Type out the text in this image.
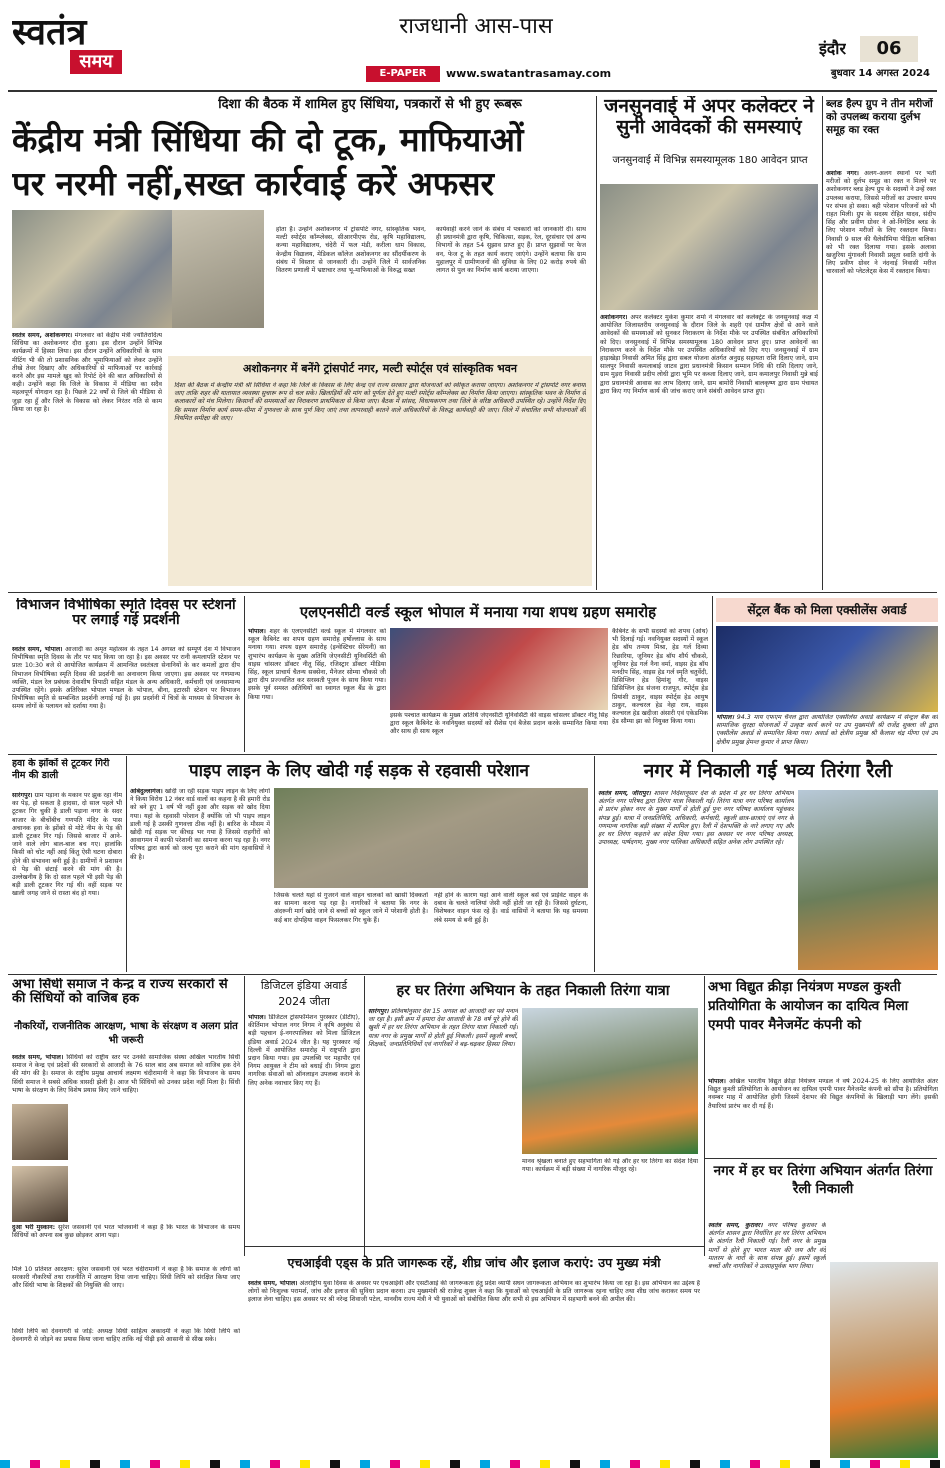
स्वतंत्र
समय
राजधानी आस-पास
E-PAPER	www.swatantrasamay.com
इंदौर	06
बुधवार 14 अगस्त 2024
दिशा की बैठक में शामिल हुए सिंधिया, पत्रकारों से भी हुए रूबरू
केंद्रीय मंत्री सिंधिया की दो टूक, माफियाओं
पर नरमी नहीं,सख्त कार्रवाई करें अफसर
स्वतंत्र समय, अशोकनगर। मंगलवार को केंद्रीय मंत्री ज्योतिरादित्य सिंधिया का अशोकनगर दौरा हुआ। इस दौरान उन्होंने विभिन्न कार्यक्रमों में हिस्सा लिया। इस दौरान उन्होंने अधिकारियों के साथ मीटिंग भी की तो प्रशासनिक और भूमाफियाओं को लेकर उन्होंने तीखे तेवर दिखाए और अधिकारियों से माफियाओं पर कार्रवाई करने और इस मामले खुद को रिपोर्ट देने की बात अधिकारियों से कही। उन्होंने कहा कि जिले के विकास में मीडिया का सदैव महत्वपूर्ण योगदान रहा है। पिछले 22 वर्षों से जिले की मीडिया से जुड़ा रहा हूँ और जिले के विकास को लेकर निरंतर गति से काम किया जा रहा है।
होता है। उन्होंने अशोकनगर में ट्रांसपोर्ट नगर, सांस्कृतिक भवन, मल्टी स्पोर्ट्स कॉम्प्लेक्स, सीआरपीएफ रोड, कृषि महाविद्यालय, कन्या महाविद्यालय, चंदेरी में फल मंडी, करीला धाम विकास, केन्द्रीय विद्यालय, मेडिकल कॉलेज अशोकनगर का सौंदर्यीकरण के संबंध में विस्तार से जानकारी दी। उन्होंने जिले में सार्वजनिक वितरण प्रणाली में भ्रष्टाचार तथा भू-माफियाओं के विरुद्ध सख्त
कार्यवाही करने जाने के संबंध में पत्रकारों को जानकारी दी। साथ ही प्रधानमंत्री द्वारा कृषि, चिकित्सा, सड़क, रेल, दूरसंचार एवं अन्य विभागों के तहत 54 सुझाव प्राप्त हुए हैं। प्राप्त सुझावों पर फेज वन, फेज टू के तहत कार्य कराए जाएंगे। उन्होंने बताया कि ग्राम मुहालपुर में ग्रामीणजनों की सुविधा के लिए 02 करोड़ रुपये की लागत से पुल का निर्माण कार्य कराया जाएगा।
अशोकनगर में बनेंगे ट्रांसपोर्ट नगर, मल्टी स्पोर्ट्स एवं सांस्कृतिक भवन
दिशा की बैठक में केन्द्रीय मंत्री श्री सिंधिया ने कहा कि जिले के विकास के लिए केन्द्र एवं राज्य सरकार द्वारा योजनाओं को स्वीकृत कराया जाएगा। अशोकनगर में ट्रांसपोर्ट नगर बनाया जाए ताकि शहर की यातायात व्यवस्था सुचारू रूप से चल सके। खिलाड़ियों की मांग को पूर्णता देते हुए मल्टी स्पोर्ट्स कॉम्प्लेक्स का निर्माण किया जाएगा। सांस्कृतिक भवन के निर्माण से कलाकारों को मंच मिलेगा। किसानों की समस्याओं का निराकरण प्राथमिकता से किया जाए। बैठक में सांसद, विधायकगण तथा जिले के वरिष्ठ अधिकारी उपस्थित रहे। उन्होंने निर्देश दिए कि समस्त निर्माण कार्य समय-सीमा में गुणवत्ता के साथ पूर्ण किए जाएं तथा लापरवाही बरतने वाले अधिकारियों के विरुद्ध कार्यवाही की जाए। जिले में संचालित सभी योजनाओं की नियमित समीक्षा की जाए।
जनसुनवाई में अपर कलेक्टर ने सुनी आवेदकों की समस्याएं
जनसुनवाई में विभिन्न समस्यामूलक 180 आवेदन प्राप्त
अशोकनगर। अपर कलेक्टर मुकेश कुमार शर्मा ने मंगलवार को कलेक्ट्रेट के जनसुनवाई कक्ष में आयोजित जिलास्तरीय जनसुनवाई के दौरान जिले के शहरी एवं ग्रामीण क्षेत्रों से आने वाले आवेदकों की समस्याओं को सुनकर निराकरण के निर्देश मौके पर उपस्थित संबंधित अधिकारियों को दिए। जनसुनवाई में विभिन्न समस्यामूलक 180 आवेदन प्राप्त हुए। प्राप्त आवेदनों का निराकरण करने के निर्देश मौके पर उपस्थित अधिकारियों को दिए गए। जनसुनवाई में ग्राम हाड़ाखेड़ा निवासी अमित सिंह द्वारा सबल योजना अंतर्गत अनुग्रह सहायता राशि दिलाए जाने, ग्राम सालपुर निवासी कमलाबाई जाटव द्वारा प्रधानमंत्री किसान सम्मान निधि की राशि दिलाए जाने, ग्राम मुड़रा निवासी प्रदीप लोधी द्वारा भूमि पर कब्जा दिलाए जाने, ग्राम कमालपुर निवासी मुन्ने बाई द्वारा प्रधानमंत्री आवास का लाभ दिलाए जाने, ग्राम बामोरी निवासी बालकृष्ण द्वारा ग्राम पंचायत द्वारा किए गए निर्माण कार्य की जांच कराए जाने संबंधी आवेदन प्राप्त हुए।
ब्लड हैल्प ग्रुप ने तीन मरीजों को उपलब्ध कराया दुर्लभ समूह का रक्त
अशोक नगर। अलग-अलग स्थानों पर भर्ती मरीजों को दुर्लभ समूह का रक्त न मिलने पर अशोकनगर ब्लड हेल्प ग्रुप के सदस्यों ने उन्हें रक्त उपलब्ध कराया, जिससे मरीजों का उपचार समय पर संभव हो सका। बही परेशान परिजनों को भी राहत मिली। ग्रुप के सदस्य रोहित यादव, संदीप सिंह और प्रवीण ग्रोवर ने ओ-निगेटिव ब्लड के लिए परेशान मरीजों के लिए रक्तदान किया। निवासी 9 साल की थैलेसीमिया पीड़िता बालिका को भी रक्त दिलाया गया। इसके अलावा खजुरिया मुंगावली निवासी प्रसूता स्वाति दांगी के लिए प्रवीण ग्रोवर ने नंदनाई निवासी मरीज चारवालों को प्लेटलेट्स केस में रक्तदान किया।
विभाजन विभीषिका स्मृति दिवस पर स्टेशनों पर लगाई गई प्रदर्शनी
स्वतंत्र समय, भोपाल। आजादी का अमृत महोत्सव के तहत 14 अगस्त को सम्पूर्ण देश में विभाजन विभीषिका स्मृति दिवस के तौर पर याद किया जा रहा है। इस अवसर पर रानी कमलापति स्टेशन पर प्रातः 10:30 बजे से आयोजित कार्यक्रम में आमन्त्रित स्वतंत्रता सेनानियों के कर कमलों द्वारा दीप विभाजन विभीषिका स्मृति दिवस की प्रदर्शनी का अनावरण किया जाएगा। इस अवसर पर गणमान्य व्यक्ति, मंडल रेल प्रबंधक देवाशीष त्रिपाठी सहित मंडल के अन्य अधिकारी, कर्मचारी एवं जनसामान्य उपस्थित रहेंगे। इसके अतिरिक्त भोपाल मण्डल के भोपाल, बीना, इटारसी स्टेशन पर विभाजन विभीषिका स्मृति से सम्बन्धित प्रदर्शनी लगाई गई है। इस प्रदर्शनी में चित्रों के माध्यम से विभाजन के समय लोगों के पलायन को दर्शाया गया है।
एलएनसीटी वर्ल्ड स्कूल भोपाल में मनाया गया शपथ ग्रहण समारोह
भोपाल। शहर के एलएनसीटी वर्ल्ड स्कूल में मंगलवार को स्कूल कैबिनेट का शपथ ग्रहण समारोह हर्षोल्लास के साथ मनाया गया। शपथ ग्रहण समारोह (इन्वेस्टिचर सेरेमनी) का शुभारंभ कार्यक्रम के मुख्य अतिथि जेएनसीटी यूनिवर्सिटी की वाइस चांसलर डॉक्टर नीतू सिंह, रजिस्ट्रार डॉक्टर मीडिया सिंह, स्कूल प्राचार्य चैतन्य सक्सेना, मैनेजर सोम्या चौकसे जी द्वारा दीप प्रज्ज्वलित कर सरस्वती पूजन के साथ किया गया। इसके पूर्व समस्त अतिथियों का स्वागत स्कूल बैंड के द्वारा किया गया।
इसके पश्चात कार्यक्रम के मुख्य अतिथि जेएनसीटी यूनिवर्सिटी की वाइस चांसलर डॉक्टर नीतू सिंह द्वारा स्कूल कैबिनेट के नवनियुक्त सदस्यों को सैशेस एवं बैजेस प्रदान करके सम्मानित किया गया और साथ ही साथ स्कूल
कैबिनेट के सभी सदस्यों को शपथ (ओथ) भी दिलाई गई। नवनियुक्त सदस्यों में स्कूल हेड बॉय तन्मय मिश्रा, हेड गर्ल दिव्या रिछारिया, जूनियर हेड बॉय शौर्य चौकसे, जूनियर हेड गर्ल नैना वर्मा, वाइस हेड बॉय मनदीप सिंह, वाइस हेड गर्ल स्मृति चतुर्वेदी, डिसिप्लिन हेड हिमांशु गौर, वाइस डिसिप्लिन हेड संजना राजपूत, स्पोर्ट्स हेड प्रियांशी ठाकुर, वाइस स्पोर्ट्स हेड आयुष ठाकुर, कल्चरल हेड नेहा राय, वाइस कल्चरल हेड खदीजा अंसारी एवं एकेडमिक हेड सौम्या झा को नियुक्त किया गया।
सेंट्रल बैंक को मिला एक्सीलेंस अवार्ड
भोपाल। 94.3 माय एफएम चैनल द्वारा आयोजित एक्सीलेंस अवार्ड कार्यक्रम में सेन्ट्रल बैंक को सामाजिक सुरक्षा योजनाओं में उत्कृष्ट कार्य करने पर उप मुख्यमंत्री श्री राजेंद्र शुक्ला जी द्वारा एक्सीलेंस अवार्ड से सम्मानित किया गया। अवार्ड को क्षेत्रीय प्रमुख श्री कैलाश चंद्र मीणा एवं उप क्षेत्रीय प्रमुख हेमन्त कुमार ने प्राप्त किया।
हवा के झोंकों से टूटकर गिरी नीम की डाली
सारंगपुर। ग्राम पड़ाना के मकान पर झुक रहा नीम का पेड़, हो सकता है हादसा, दो साल पहले भी टूटकर गिर चुकी है डाली पड़ाना नगर के सदर बाजार के बीचोंबीच गणपति मंदिर के पास अचानक हवा के झोंको से मोटे नीम के पेड़ की डाली टूटकर गिर गई। जिससे बाजार में आने-जाने वाले लोग बाल-बाल बच गए। हालांकि किसी को चोट नहीं आई किंतु ऐसी घटना दोबारा होने की संभावना बनी हुई है। ग्रामीणों ने प्रशासन से पेड़ की छंटाई करने की मांग की है। उल्लेखनीय है कि दो साल पहले भी इसी पेड़ की बड़ी डाली टूटकर गिर गई थी। वहीं सड़क पर खाली जगह जाने से रास्ता बंद हो गया।
पाइप लाइन के लिए खोदी गई सड़क से रहवासी परेशान
ओबेदुल्लागंज। खोदी जा रही सड़क पाइप लाइन के लिए लोगों ने किया विरोध 12 नंबर वार्ड वालों का कहना है की हमारी रोड को बने हुए 1 वर्ष भी नहीं हुआ और सड़क को खोद दिया गया। यहां के रहवासी परेशान हैं क्योंकि जो भी पाइप लाइन डाली गई है उसकी गुणवत्ता ठीक नहीं है। बारिश के मौसम में खोदी गई सड़क पर कीचड़ भर गया है जिससे राहगीरों को आवागमन में काफी परेशानी का सामना करना पड़ रहा है। नगर परिषद द्वारा कार्य को जल्द पूरा कराने की मांग रहवासियों ने की है।
जिसके चलते यहां से गुजरने वाले वाहन चालकों को खासी दिक्कतों का सामना करना पड़ रहा है। नागरिकों ने बताया कि नगर के अंदरूनी मार्ग खोदे जाने से बच्चों को स्कूल जाने में परेशानी होती है। कई बार दोपहिया वाहन फिसलकर गिर चुके हैं।
नहीं होने के कारण यहां आने वाली स्कूल बसें एवं प्राईवेट वाहन के दबाव के चलते नालियां जेसी नहीं होती जा रही है। जिससे दुर्घटना, विशेषकर वाहन फंस रहे हैं। वार्ड वासियों ने बताया कि यह समस्या लंबे समय से बनी हुई है।
नगर में निकाली गई भव्य तिरंगा रैली
स्वतंत्र समय, जीरापुर। शासन निर्देशानुसार देश के प्रदेश में हर घर तिरंगा अभियान अंतर्गत नगर परिषद द्वारा तिरंगा यात्रा निकाली गई। तिरंगा यात्रा नगर परिषद कार्यालय से प्रारंभ होकर नगर के मुख्य मार्गों से होती हुई पुनः नगर परिषद कार्यालय पहुंचकर संपन्न हुई। यात्रा में जनप्रतिनिधि, अधिकारी, कर्मचारी, स्कूली छात्र-छात्राएं एवं नगर के गणमान्य नागरिक बड़ी संख्या में शामिल हुए। रैली में देशभक्ति के नारे लगाए गए और हर घर तिरंगा फहराने का संदेश दिया गया। इस अवसर पर नगर परिषद अध्यक्ष, उपाध्यक्ष, पार्षदगण, मुख्य नगर पालिका अधिकारी सहित अनेक लोग उपस्थित रहे।
अभा सिंधी समाज ने केन्द्र व राज्य सरकारों से की सिंधियों को वाजिब हक
नौकरियों, राजनीतिक आरक्षण, भाषा के संरक्षण व अलग प्रांत भी जरूरी
स्वतंत्र समय, भोपाल। सिंधियों को राष्ट्रीय स्तर पर उनकी सामाजिक संस्था अखिल भारतीय सिंधी समाज ने केन्द्र एवं प्रदेशों की सरकारों से आजादी के 76 साल बाद अब समाज को वाजिब हक देने की मांग की है। समाज के राष्ट्रीय प्रमुख आचार्य लक्ष्मण चंदीरामानी ने कहा कि विभाजन के समय सिंधी समाज ने सबसे अधिक त्रासदी झेली है। आज भी सिंधियों को उनका प्रदेश नहीं मिला है। सिंधी भाषा के संरक्षण के लिए विशेष प्रयास किए जाने चाहिए।
दुआ भरी मुस्कान: सुरेश जसवानी एवं भरत भोजवानी ने कहा है कि भारत के विभाजन के समय सिंधियों को अपना सब कुछ छोड़कर आना पड़ा।
मिले 10 प्रतिशत आरक्षण: सुरेश जसवानी एवं भरत चंदीरामानी ने कहा है कि समाज के लोगों को सरकारी नौकरियों तथा राजनीति में आरक्षण दिया जाना चाहिए। सिंधी लिपि को संरक्षित किया जाए और सिंधी भाषा के शिक्षकों की नियुक्ति की जाए।
सिंधी लिपि को देवनागरी से जोड़ें: अध्यक्ष सिंधी साहित्य अकादमी ने कहा कि सिंधी लिपि को देवनागरी से जोड़ने का प्रयास किया जाना चाहिए ताकि नई पीढ़ी इसे आसानी से सीख सके।
डिजिटल इंडिया अवार्ड 2024 जीता
भोपाल। डिजिटल ट्रांसफॉर्मेशन पुरस्कार (डीटीए), कीर्तिमान भोपाल नगर निगम ने कृषि अनुबंध से बड़ी पहचान ई-नगरपालिका को मिला डिजिटल इंडिया अवार्ड 2024 जीत है। यह पुरस्कार नई दिल्ली में आयोजित समारोह में राष्ट्रपति द्वारा प्रदान किया गया। इस उपलब्धि पर महापौर एवं निगम आयुक्त ने टीम को बधाई दी। निगम द्वारा नागरिक सेवाओं को ऑनलाइन उपलब्ध कराने के लिए अनेक नवाचार किए गए हैं।
हर घर तिरंगा अभियान के तहत निकाली तिरंगा यात्रा
सारंगपुर। प्रतिवर्षानुसार देश 15 अगस्त को आजादी का पर्व मनाने जा रहा है। इसी क्रम में हमारा देश आजादी के 78 वर्ष पूरे होने की खुशी में हर घर तिरंगा अभियान के तहत तिरंगा यात्रा निकाली गई। यात्रा नगर के प्रमुख मार्गों से होती हुई निकली। इसमें स्कूली बच्चों, शिक्षकों, जनप्रतिनिधियों एवं नागरिकों ने बढ़-चढ़कर हिस्सा लिया।
मानव श्रृंखला बनाते हुए सहभागिता की गई और हर घर तिरंगा का संदेश दिया गया। कार्यक्रम में बड़ी संख्या में नागरिक मौजूद रहे।
अभा विद्युत क्रीड़ा नियंत्रण मण्डल कुश्ती प्रतियोगिता के आयोजन का दायित्व मिला एमपी पावर मैनेजमेंट कंपनी को
भोपाल। अखिल भारतीय विद्युत क्रीड़ा नियंत्रण मण्डल ने वर्ष 2024-25 के लिए आयोजित अंतर विद्युत कुश्ती प्रतियोगिता के आयोजन का दायित्व एमपी पावर मैनेजमेंट कंपनी को सौंपा है। प्रतियोगिता नवम्बर माह में आयोजित होगी जिसमें देशभर की विद्युत कंपनियों के खिलाड़ी भाग लेंगे। इसकी तैयारियां प्रारंभ कर दी गई हैं।
नगर में हर घर तिरंगा अभियान अंतर्गत तिरंगा रैली निकाली
स्वतंत्र समय, कुरावर। नगर परिषद कुरावर के अंतर्गत शासन द्वारा निर्धारित हर घर तिरंगा अभियान के अंतर्गत रैली निकाली गई। रैली नगर के प्रमुख मार्गों से होते हुए भारत माता की जय और वंदे मातरम के नारों के साथ संपन्न हुई। इसमें स्कूली बच्चों और नागरिकों ने उत्साहपूर्वक भाग लिया।
एचआईवी एड्स के प्रति जागरूक रहें, शीघ्र जांच और इलाज कराएं: उप मुख्य मंत्री
स्वतंत्र समय, भोपाल। अंतर्राष्ट्रीय युवा दिवस के अवसर पर एचआईवी और एसटीआई की जागरूकता हेतु प्रदेश व्यापी सघन जागरूकता अभियान का शुभारंभ किया जा रहा है। इस अभियान का उद्देश्य है लोगों को निःशुल्क परामर्श, जांच और इलाज की सुविधा प्रदान करना। उप मुख्यमंत्री श्री राजेन्द्र शुक्ल ने कहा कि युवाओं को एचआईवी के प्रति जागरूक रहना चाहिए तथा शीघ्र जांच कराकर समय पर इलाज लेना चाहिए। इस अवसर पर श्री नरेन्द्र शिवाजी पटेल, मानवीय राज्य मंत्री ने भी युवाओं को संबोधित किया और सभी से इस अभियान में सहभागी बनने की अपील की।
